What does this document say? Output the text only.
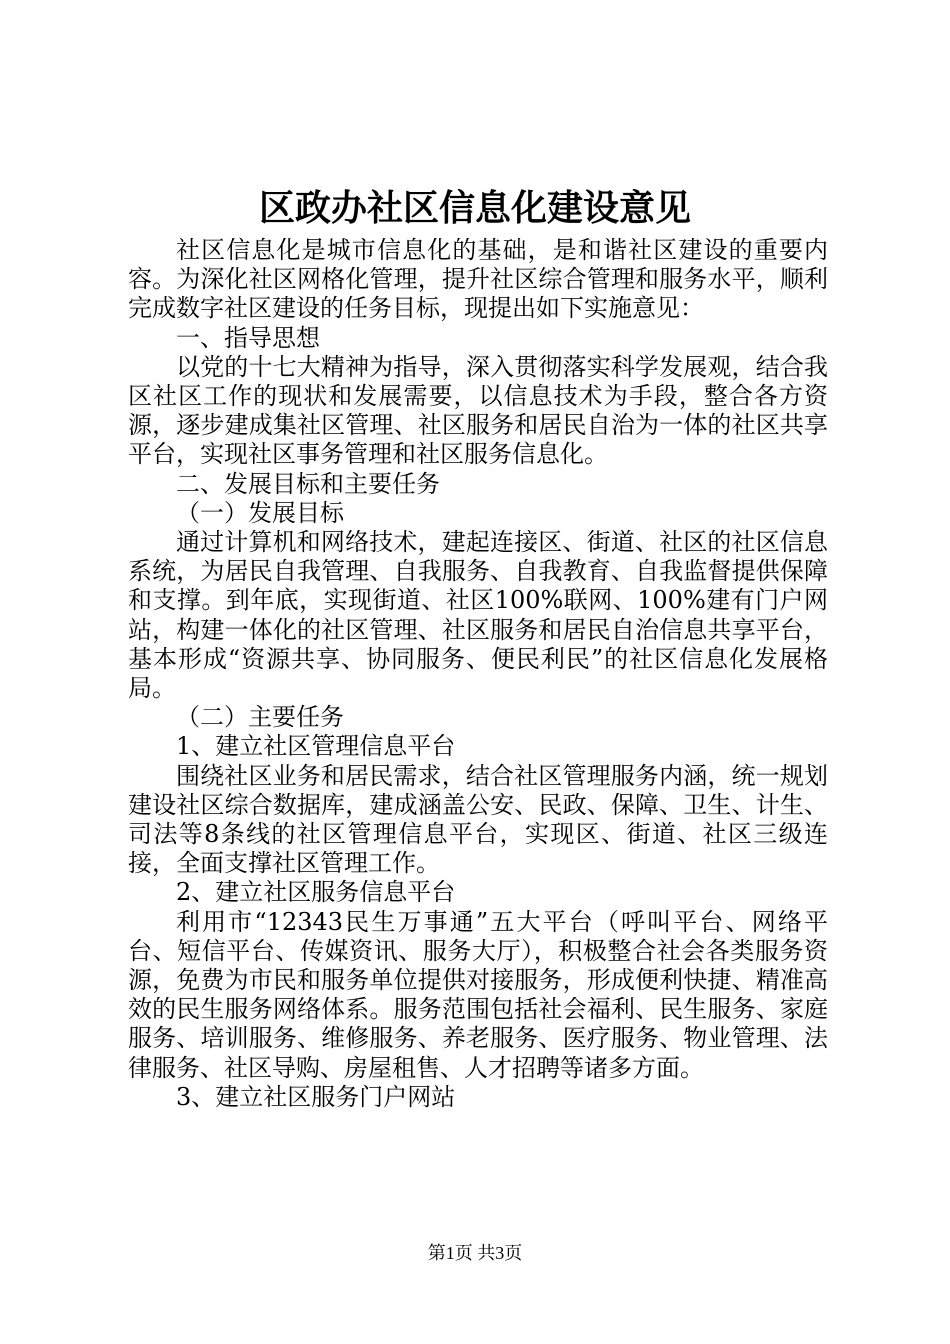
区政办社区信息化建设意见

社区信息化是城市信息化的基础，是和谐社区建设的重要内容。为深化社区网格化管理，提升社区综合管理和服务水平，顺利完成数字社区建设的任务目标，现提出如下实施意见：

一、指导思想

以党的十七大精神为指导，深入贯彻落实科学发展观，结合我区社区工作的现状和发展需要，以信息技术为手段，整合各方资源，逐步建成集社区管理、社区服务和居民自治为一体的社区共享平台，实现社区事务管理和社区服务信息化。

二、发展目标和主要任务

（一）发展目标

通过计算机和网络技术，建起连接区、街道、社区的社区信息系统，为居民自我管理、自我服务、自我教育、自我监督提供保障和支撑。到年底，实现街道、社区100%联网、100%建有门户网站，构建一体化的社区管理、社区服务和居民自治信息共享平台，基本形成“资源共享、协同服务、便民利民”的社区信息化发展格局。

（二）主要任务

1、建立社区管理信息平台

围绕社区业务和居民需求，结合社区管理服务内涵，统一规划建设社区综合数据库，建成涵盖公安、民政、保障、卫生、计生、司法等8条线的社区管理信息平台，实现区、街道、社区三级连接，全面支撑社区管理工作。

2、建立社区服务信息平台

利用市“12343民生万事通”五大平台（呼叫平台、网络平台、短信平台、传媒资讯、服务大厅），积极整合社会各类服务资源，免费为市民和服务单位提供对接服务，形成便利快捷、精准高效的民生服务网络体系。服务范围包括社会福利、民生服务、家庭服务、培训服务、维修服务、养老服务、医疗服务、物业管理、法律服务、社区导购、房屋租售、人才招聘等诸多方面。

3、建立社区服务门户网站

第1页 共3页
